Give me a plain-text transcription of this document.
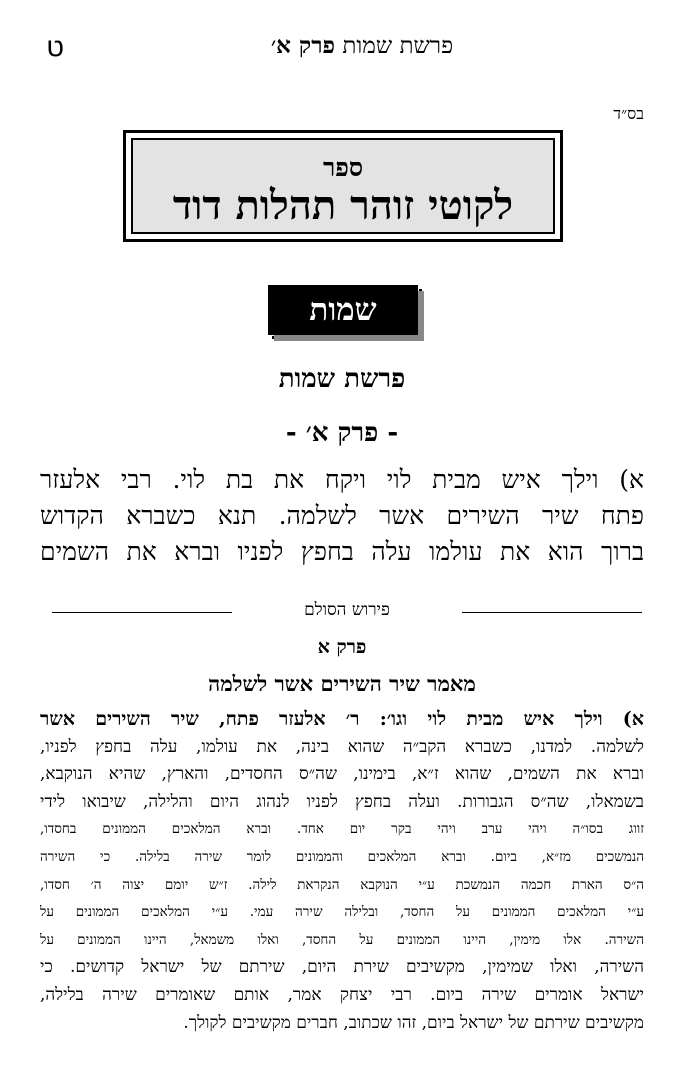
ט	פרשת שמות פרק א׳
בס״ד
ספר
לקוטי זוהר תהלות דוד
שמות
פרשת שמות
- פרק א׳ -
א) וילך איש מבית לוי ויקח את בת לוי. רבי אלעזר
פתח שיר השירים אשר לשלמה. תנא כשברא הקדוש
ברוך הוא את עולמו עלה בחפץ לפניו וברא את השמים
פירוש הסולם
פרק א
מאמר שיר השירים אשר לשלמה
א) וילך איש מבית לוי וגו׳: ר׳ אלעזר פתח, שיר השירים אשר
לשלמה. למדנו, כשברא הקב״ה שהוא בינה, את עולמו, עלה בחפץ לפניו,
וברא את השמים, שהוא ז״א, בימינו, שה״ס החסדים, והארץ, שהיא הנוקבא,
בשמאלו, שה״ס הגבורות. ועלה בחפץ לפניו לנהוג היום והלילה, שיבואו לידי
זווג בסו״ה ויהי ערב ויהי בקר יום אחד. וברא המלאכים הממונים בחסדו,
הנמשכים מז״א, ביום. וברא המלאכים והממונים לומר שירה בלילה. כי השירה
ה״ס הארת חכמה הנמשכת ע״י הנוקבא הנקראת לילה. ז״ש יומם יצוה ה׳ חסדו,
ע״י המלאכים הממונים על החסד, ובלילה שירה עמי. ע״י המלאכים הממונים על
השירה. אלו מימין, היינו הממונים על החסד, ואלו משמאל, היינו הממונים על
השירה, ואלו שמימין, מקשיבים שירת היום, שירתם של ישראל קדושים. כי
ישראל אומרים שירה ביום. רבי יצחק אמר, אותם שאומרים שירה בלילה,
מקשיבים שירתם של ישראל ביום, זהו שכתוב, חברים מקשיבים לקולך.
